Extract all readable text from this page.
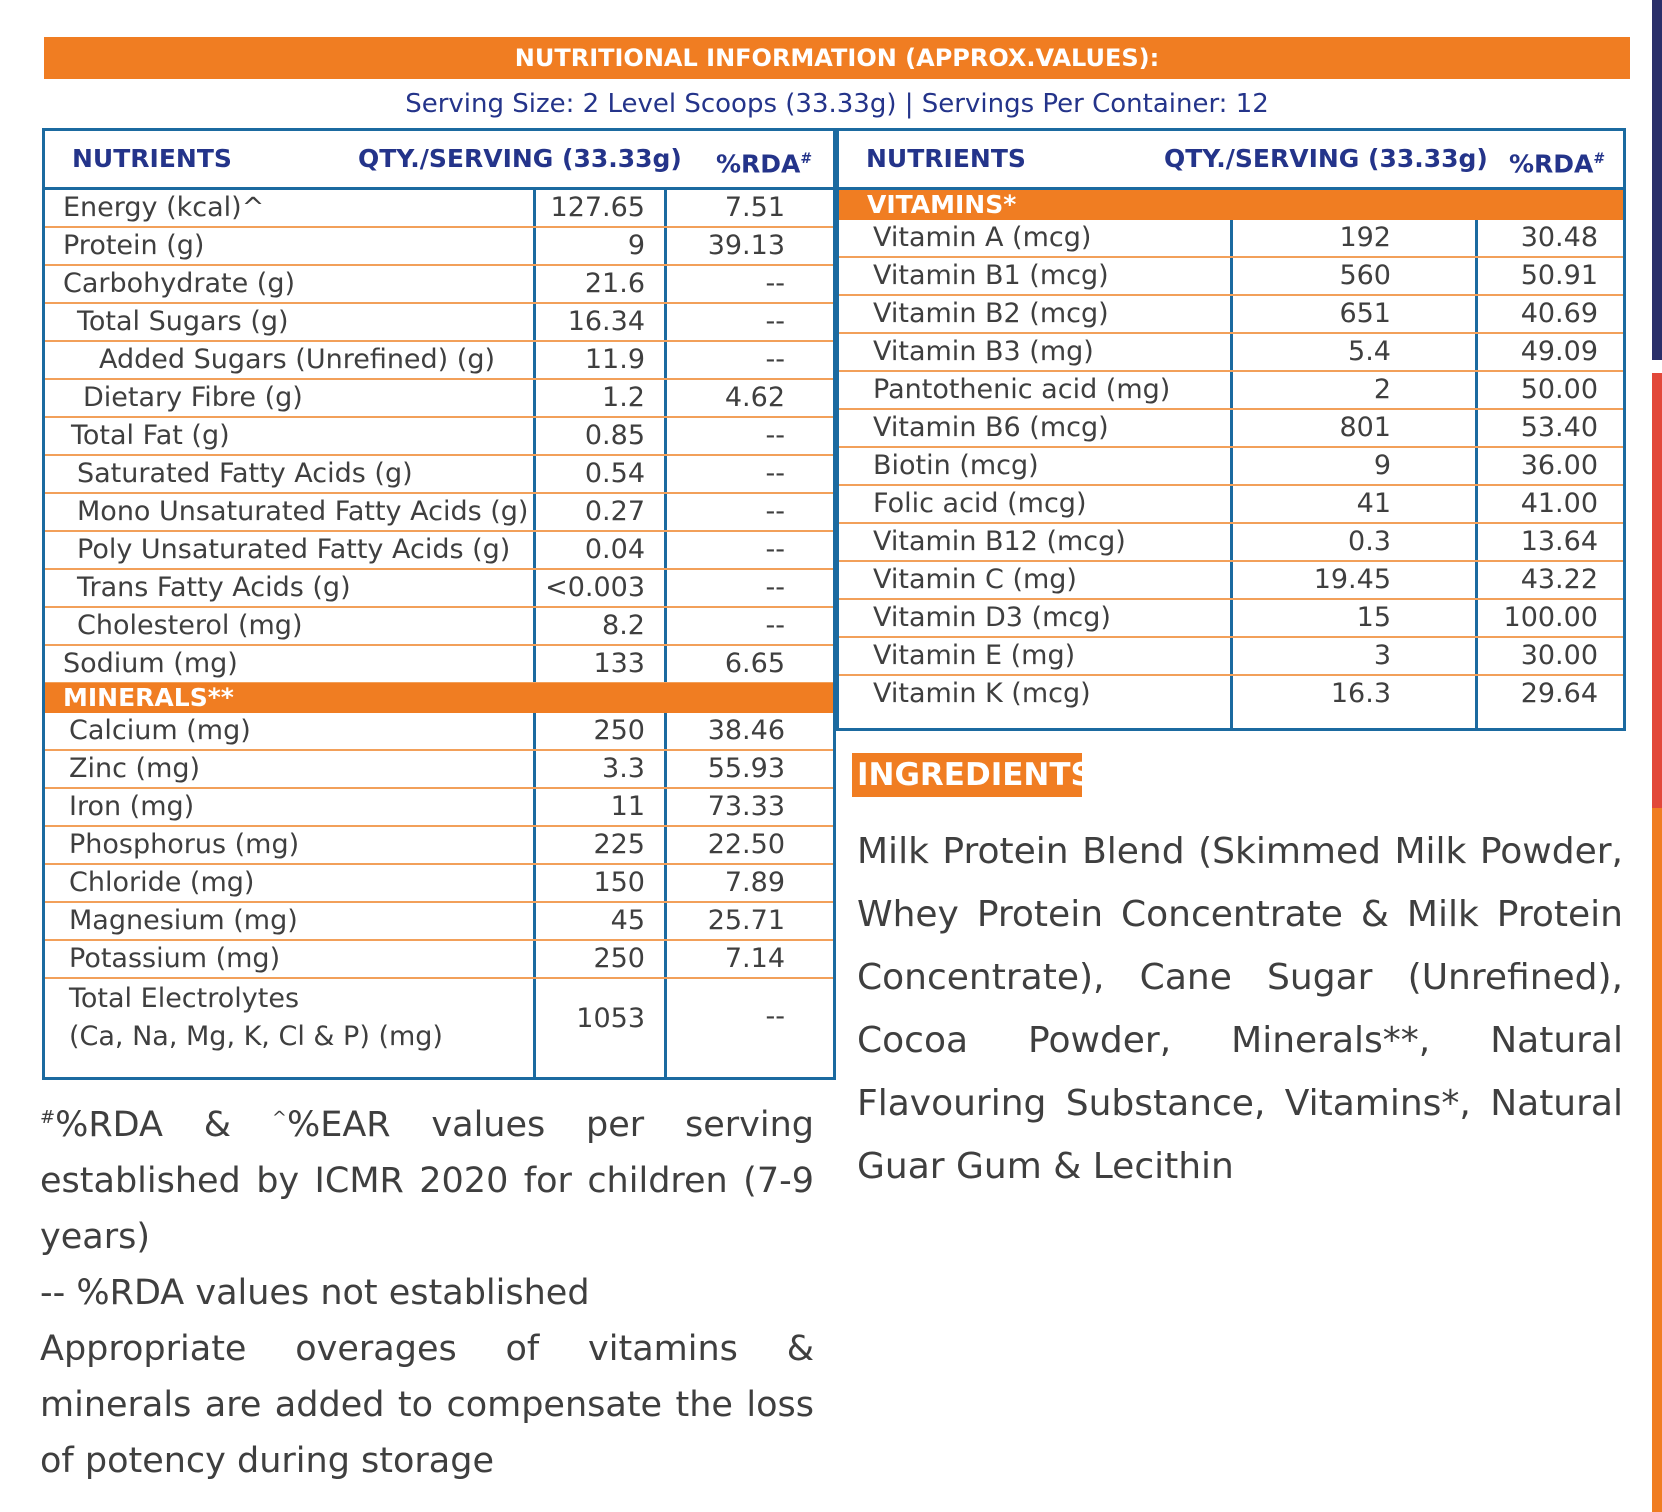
NUTRITIONAL INFORMATION (APPROX.VALUES):
Serving Size: 2 Level Scoops (33.33g) | Servings Per Container: 12
NUTRIENTS	QTY./SERVING (33.33g) %RDA#
Energy (kcal)^	127.65	7.51
Protein (g)	9	39.13
Carbohydrate (g)	21.6	--
Total Sugars (g)	16.34	--
Added Sugars (Unrefined) (g)	11.9	--
Dietary Fibre (g)	1.2	4.62
Total Fat (g)	0.85	--
Saturated Fatty Acids (g)	0.54	--
Mono Unsaturated Fatty Acids (g)	0.27	--
Poly Unsaturated Fatty Acids (g)	0.04	--
Trans Fatty Acids (g)	<0.003	--
Cholesterol (mg)	8.2	--
Sodium (mg)	133	6.65
MINERALS**
Calcium (mg)	250	38.46
Zinc (mg)	3.3	55.93
Iron (mg)	11	73.33
Phosphorus (mg)	225	22.50
Chloride (mg)	150	7.89
Magnesium (mg)	45	25.71
Potassium (mg)	250	7.14
Total Electrolytes
(Ca, Na, Mg, K, Cl & P) (mg)
1053	--
NUTRIENTS	QTY./SERVING (33.33g) %RDA#
VITAMINS*
Vitamin A (mcg)	192	30.48
Vitamin B1 (mcg)	560	50.91
Vitamin B2 (mcg)	651	40.69
Vitamin B3 (mg)	5.4	49.09
Pantothenic acid (mg)	2	50.00
Vitamin B6 (mcg)	801	53.40
Biotin (mcg)	9	36.00
Folic acid (mcg)	41	41.00
Vitamin B12 (mcg)	0.3	13.64
Vitamin C (mg)	19.45	43.22
Vitamin D3 (mcg)	15	100.00
Vitamin E (mg)	3	30.00
Vitamin K (mcg)	16.3	29.64
INGREDIENTS
Milk Protein Blend (Skimmed Milk Powder, Whey Protein Concentrate & Milk Protein Concentrate), Cane Sugar (Unrefined), Cocoa Powder, Minerals**, Natural Flavouring Substance, Vitamins*, Natural Guar Gum & Lecithin

#%RDA & ^%EAR values per serving established by ICMR 2020 for children (7-9 years)

-- %RDA values not established

Appropriate overages of vitamins & minerals are added to compensate the loss of potency during storage
